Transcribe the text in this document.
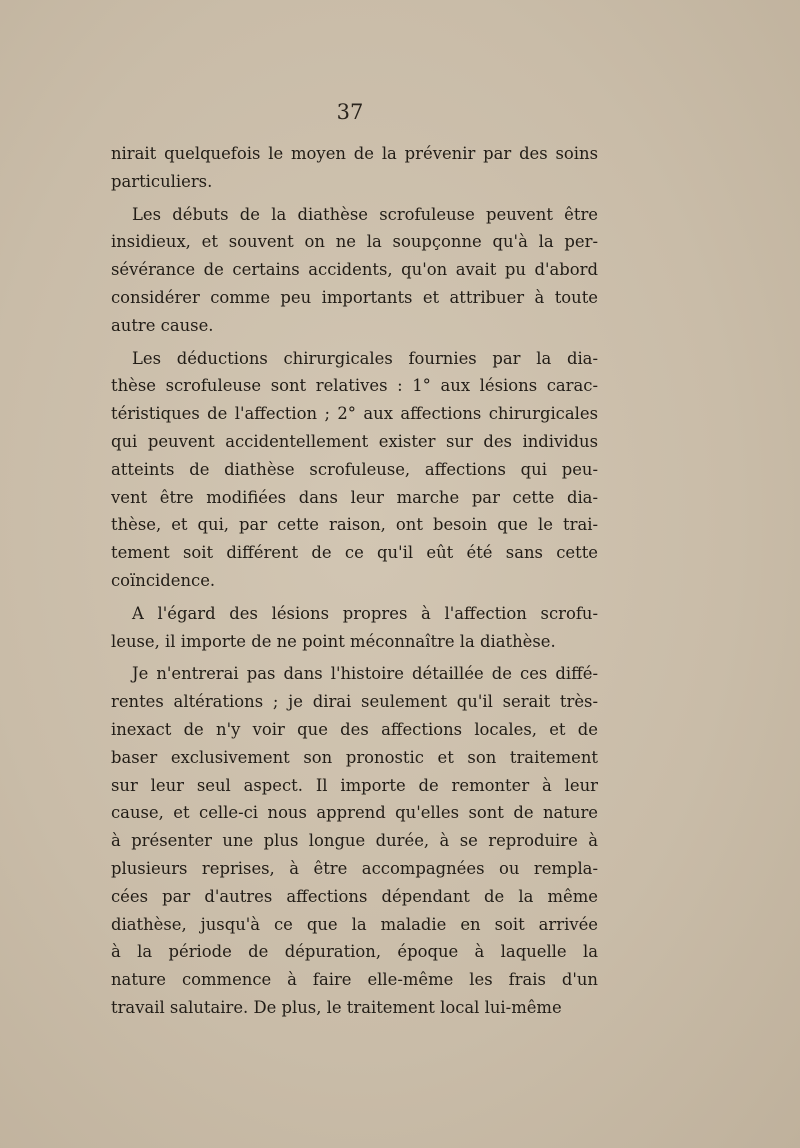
37
nirait quelquefois le moyen de la prévenir par des soins
particuliers.
Les débuts de la diathèse scrofuleuse peuvent être
insidieux, et souvent on ne la soupçonne qu'à la per-
sévérance de certains accidents, qu'on avait pu d'abord
considérer comme peu importants et attribuer à toute
autre cause.
Les déductions chirurgicales fournies par la dia-
thèse scrofuleuse sont relatives : 1° aux lésions carac-
téristiques de l'affection ; 2° aux affections chirurgicales
qui peuvent accidentellement exister sur des individus
atteints de diathèse scrofuleuse, affections qui peu-
vent être modifiées dans leur marche par cette dia-
thèse, et qui, par cette raison, ont besoin que le trai-
tement soit différent de ce qu'il eût été sans cette
coïncidence.
A l'égard des lésions propres à l'affection scrofu-
leuse, il importe de ne point méconnaître la diathèse.
Je n'entrerai pas dans l'histoire détaillée de ces diffé-
rentes altérations ; je dirai seulement qu'il serait très-
inexact de n'y voir que des affections locales, et de
baser exclusivement son pronostic et son traitement
sur leur seul aspect. Il importe de remonter à leur
cause, et celle-ci nous apprend qu'elles sont de nature
à présenter une plus longue durée, à se reproduire à
plusieurs reprises, à être accompagnées ou rempla-
cées par d'autres affections dépendant de la même
diathèse, jusqu'à ce que la maladie en soit arrivée
à la période de dépuration, époque à laquelle la
nature commence à faire elle-même les frais d'un
travail salutaire. De plus, le traitement local lui-même
